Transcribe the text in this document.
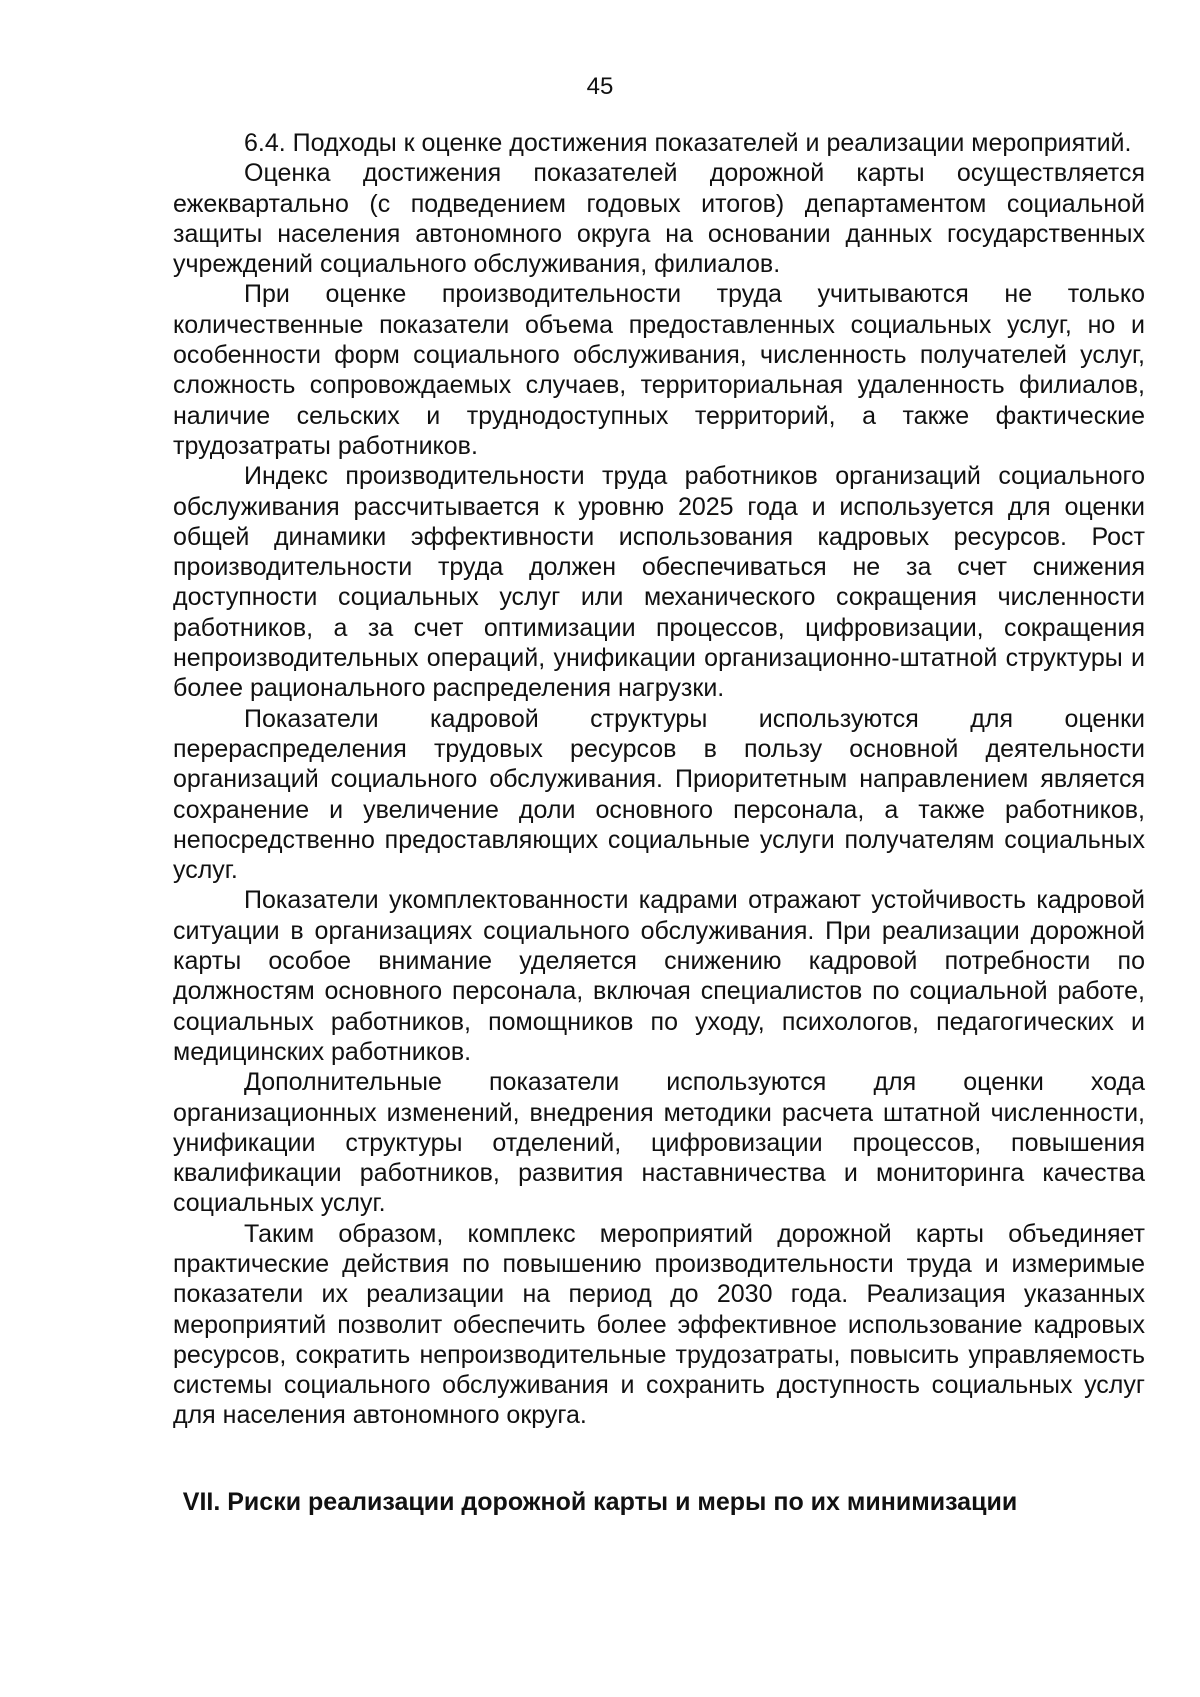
45

6.4. Подходы к оценке достижения показателей и реализации мероприятий.

Оценка достижения показателей дорожной карты осуществляется ежеквартально (с подведением годовых итогов) департаментом социальной защиты населения автономного округа на основании данных государственных учреждений социального обслуживания, филиалов.

При оценке производительности труда учитываются не только количественные показатели объема предоставленных социальных услуг, но и особенности форм социального обслуживания, численность получателей услуг, сложность сопровождаемых случаев, территориальная удаленность филиалов, наличие сельских и труднодоступных территорий, а также фактические трудозатраты работников.

Индекс производительности труда работников организаций социального обслуживания рассчитывается к уровню 2025 года и используется для оценки общей динамики эффективности использования кадровых ресурсов. Рост производительности труда должен обеспечиваться не за счет снижения доступности социальных услуг или механического сокращения численности работников, а за счет оптимизации процессов, цифровизации, сокращения непроизводительных операций, унификации организационно-штатной структуры и более рационального распределения нагрузки.

Показатели кадровой структуры используются для оценки перераспределения трудовых ресурсов в пользу основной деятельности организаций социального обслуживания. Приоритетным направлением является сохранение и увеличение доли основного персонала, а также работников, непосредственно предоставляющих социальные услуги получателям социальных услуг.

Показатели укомплектованности кадрами отражают устойчивость кадровой ситуации в организациях социального обслуживания. При реализации дорожной карты особое внимание уделяется снижению кадровой потребности по должностям основного персонала, включая специалистов по социальной работе, социальных работников, помощников по уходу, психологов, педагогических и медицинских работников.

Дополнительные показатели используются для оценки хода организационных изменений, внедрения методики расчета штатной численности, унификации структуры отделений, цифровизации процессов, повышения квалификации работников, развития наставничества и мониторинга качества социальных услуг.

Таким образом, комплекс мероприятий дорожной карты объединяет практические действия по повышению производительности труда и измеримые показатели их реализации на период до 2030 года. Реализация указанных мероприятий позволит обеспечить более эффективное использование кадровых ресурсов, сократить непроизводительные трудозатраты, повысить управляемость системы социального обслуживания и сохранить доступность социальных услуг для населения автономного округа.

VII. Риски реализации дорожной карты и меры по их минимизации
